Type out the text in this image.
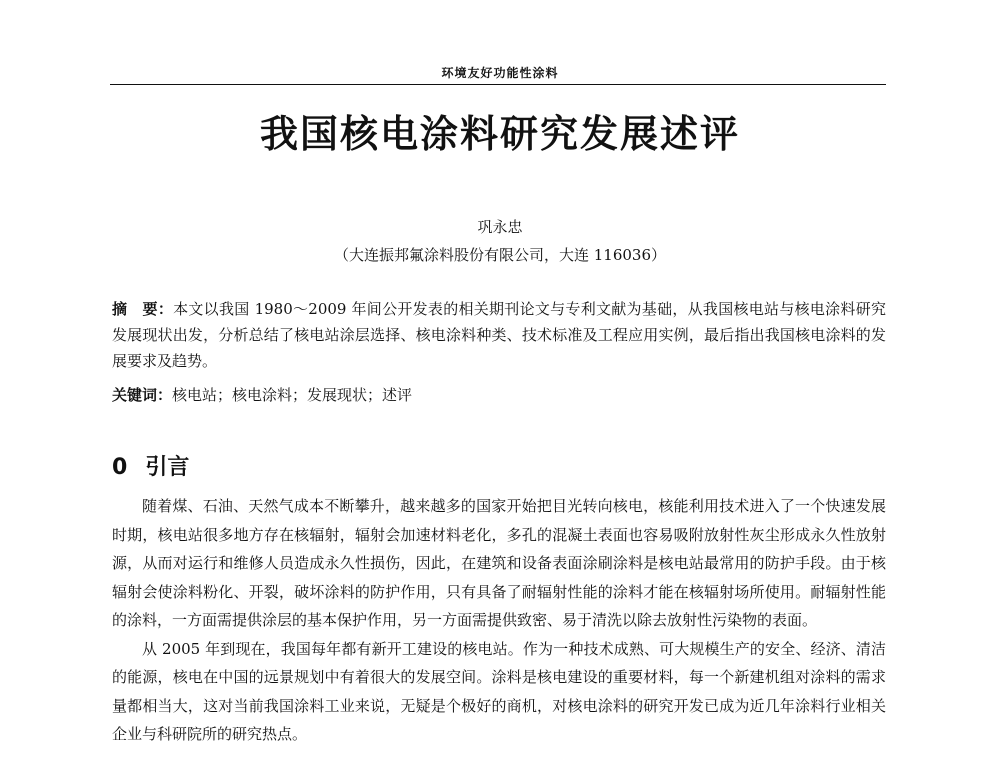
环境友好功能性涂料
我国核电涂料研究发展述评
巩永忠
（大连振邦氟涂料股份有限公司，大连 116036）
摘　要：本文以我国 1980～2009 年间公开发表的相关期刊论文与专利文献为基础，从我国核电站与核电涂料研究发展现状出发，分析总结了核电站涂层选择、核电涂料种类、技术标准及工程应用实例，最后指出我国核电涂料的发展要求及趋势。
关键词：核电站；核电涂料；发展现状；述评
0 引言

随着煤、石油、天然气成本不断攀升，越来越多的国家开始把目光转向核电，核能利用技术进入了一个快速发展时期，核电站很多地方存在核辐射，辐射会加速材料老化，多孔的混凝土表面也容易吸附放射性灰尘形成永久性放射源，从而对运行和维修人员造成永久性损伤，因此，在建筑和设备表面涂刷涂料是核电站最常用的防护手段。由于核辐射会使涂料粉化、开裂，破坏涂料的防护作用，只有具备了耐辐射性能的涂料才能在核辐射场所使用。耐辐射性能的涂料，一方面需提供涂层的基本保护作用，另一方面需提供致密、易于清洗以除去放射性污染物的表面。

从 2005 年到现在，我国每年都有新开工建设的核电站。作为一种技术成熟、可大规模生产的安全、经济、清洁的能源，核电在中国的远景规划中有着很大的发展空间。涂料是核电建设的重要材料，每一个新建机组对涂料的需求量都相当大，这对当前我国涂料工业来说，无疑是个极好的商机，对核电涂料的研究开发已成为近几年涂料行业相关企业与科研院所的研究热点。
